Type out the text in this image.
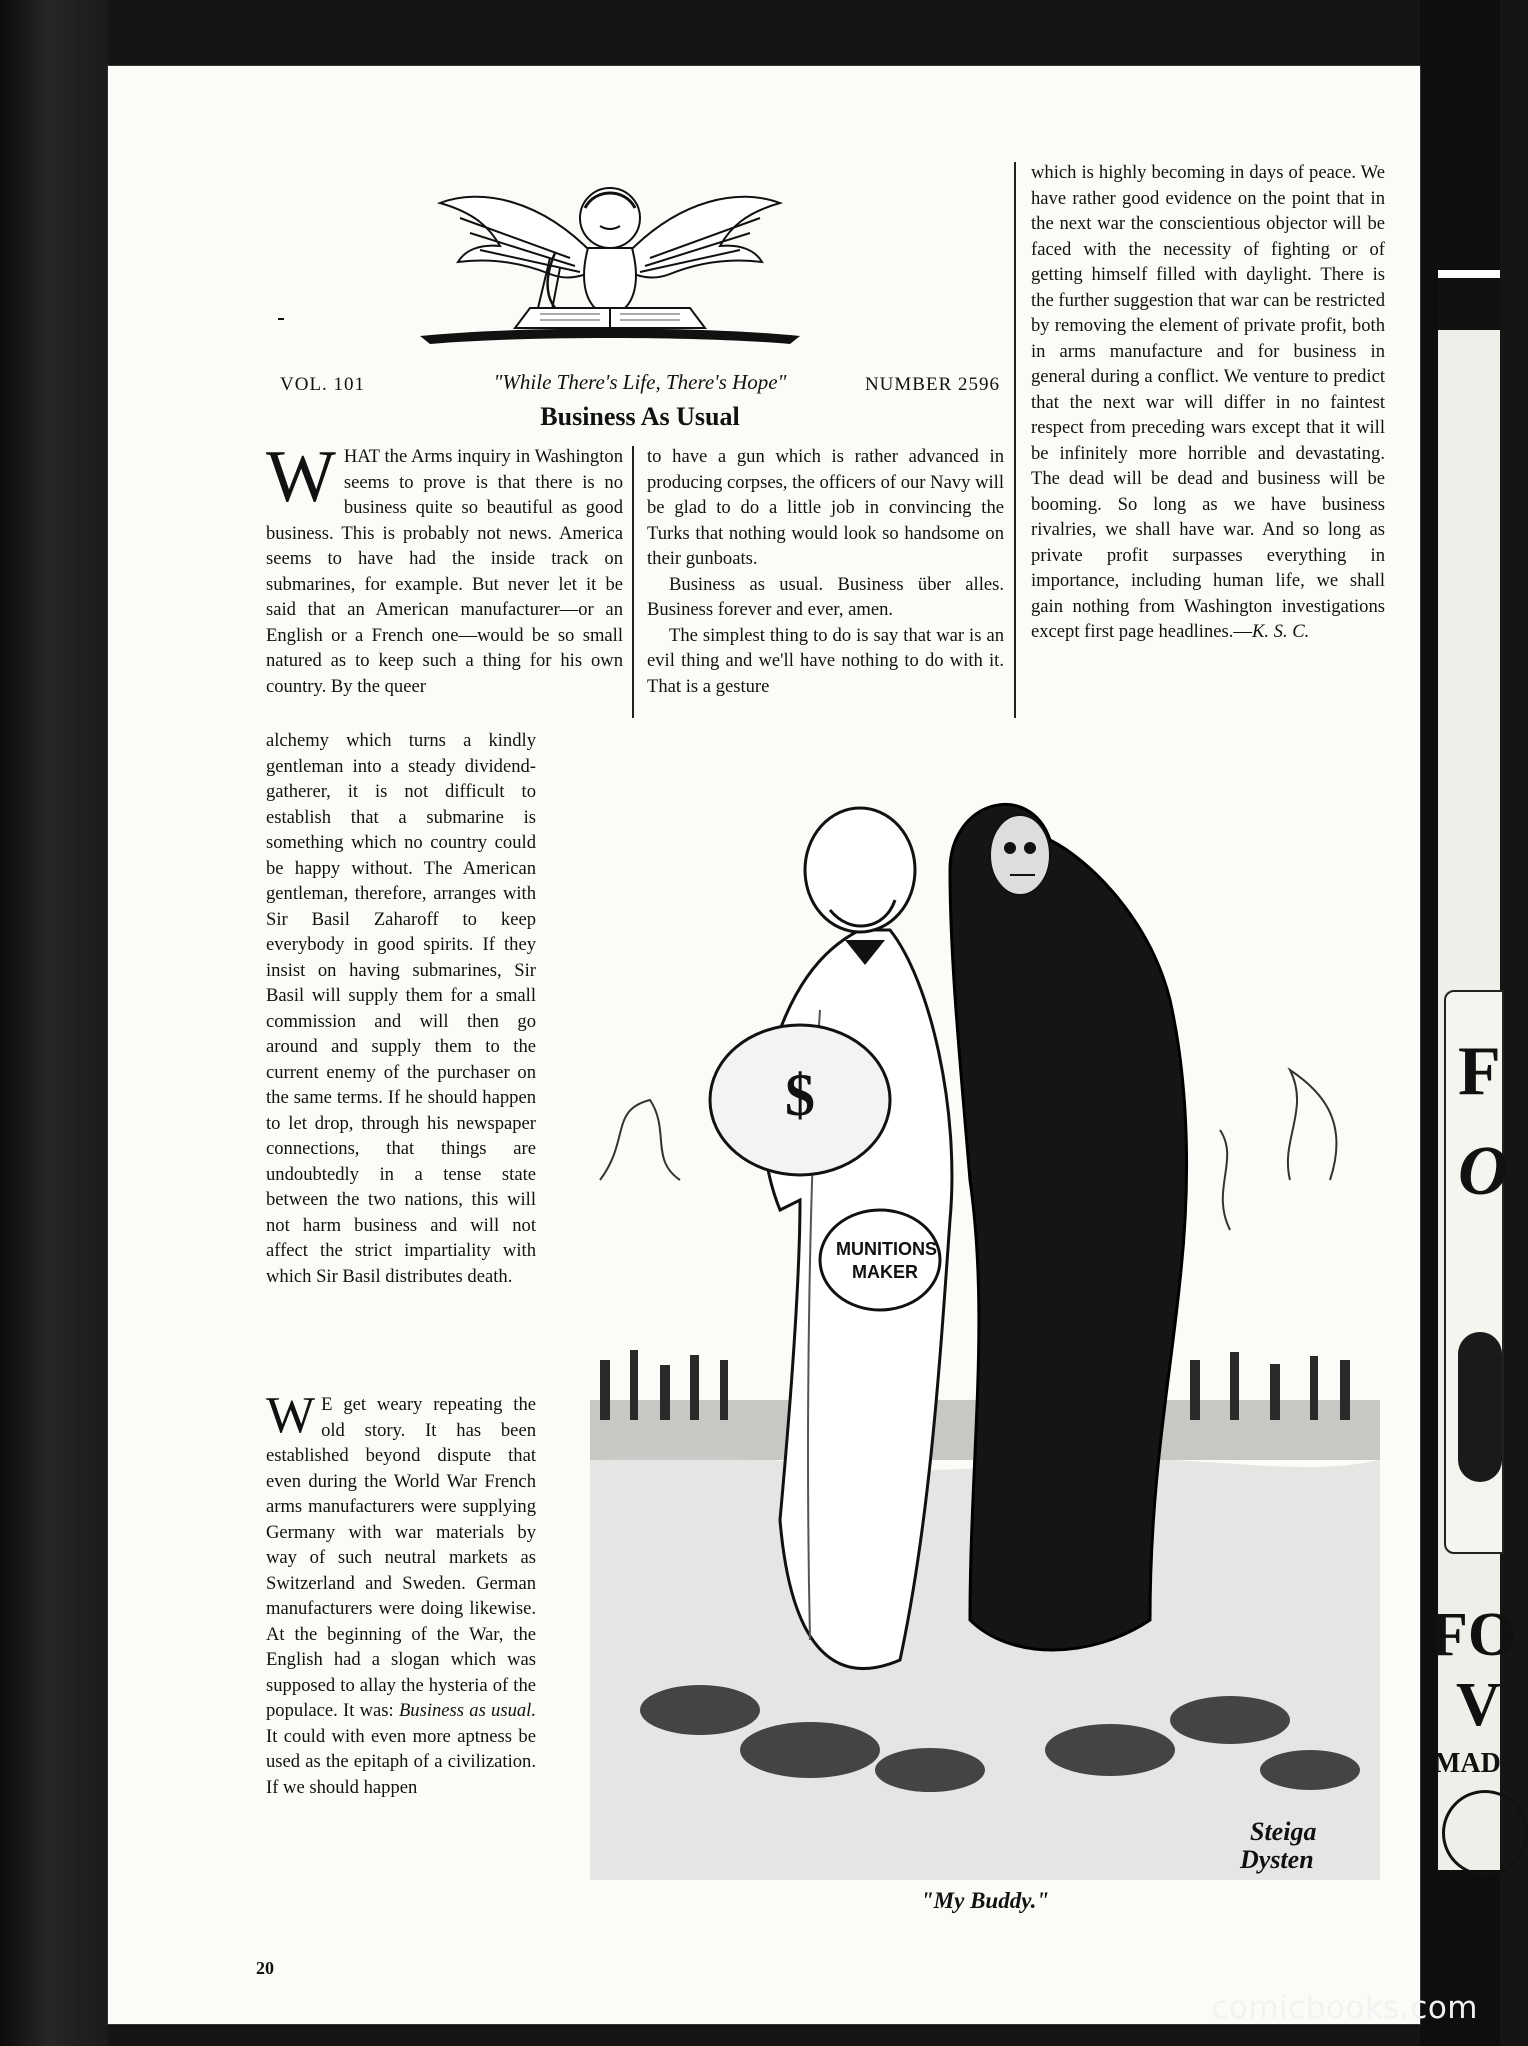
F
O
FO
V
MAD
VOL. 101	"While There's Life, There's Hope"	NUMBER 2596
Business As Usual
W HAT the Arms inquiry in Washington seems to prove is that there is no business quite so beautiful as good business. This is probably not news. America seems to have had the inside track on submarines, for example. But never let it be said that an American manufacturer—or an English or a French one—would be so small natured as to keep such a thing for his own country. By the queer

alchemy which turns a kindly gentleman into a steady dividend-gatherer, it is not difficult to establish that a submarine is something which no country could be happy without. The American gentleman, therefore, arranges with Sir Basil Zaharoff to keep everybody in good spirits. If they insist on having submarines, Sir Basil will supply them for a small commission and will then go around and supply them to the current enemy of the purchaser on the same terms. If he should happen to let drop, through his newspaper connections, that things are undoubtedly in a tense state between the two nations, this will not harm business and will not affect the strict impartiality with which Sir Basil distributes death.

W E get weary repeating the old story. It has been established beyond dispute that even during the World War French arms manufacturers were supplying Germany with war materials by way of such neutral markets as Switzerland and Sweden. German manufacturers were doing likewise. At the beginning of the War, the English had a slogan which was supposed to allay the hysteria of the populace. It was: Business as usual. It could with even more aptness be used as the epitaph of a civilization. If we should happen

to have a gun which is rather advanced in producing corpses, the officers of our Navy will be glad to do a little job in convincing the Turks that nothing would look so handsome on their gunboats.

Business as usual. Business über alles. Business forever and ever, amen.

The simplest thing to do is say that war is an evil thing and we'll have nothing to do with it. That is a gesture

which is highly becoming in days of peace. We have rather good evidence on the point that in the next war the conscientious objector will be faced with the necessity of fighting or of getting himself filled with daylight. There is the further suggestion that war can be restricted by removing the element of private profit, both in arms manufacture and for business in general during a conflict. We venture to predict that the next war will differ in no faintest respect from preceding wars except that it will be infinitely more horrible and devastating. The dead will be dead and business will be booming. So long as we have business rivalries, we shall have war. And so long as private profit surpasses everything in importance, including human life, we shall gain nothing from Washington investigations except first page headlines.—K. S. C.

$
MUNITIONS
MAKER
Steiga
Dysten
"My Buddy."
20
comicbooks.com
